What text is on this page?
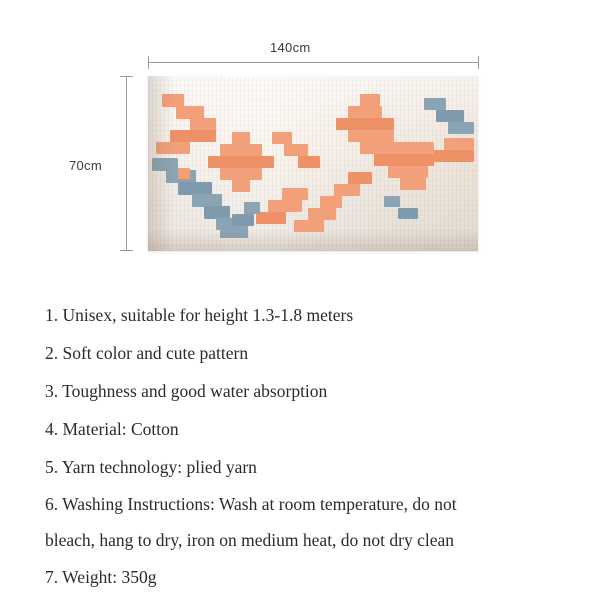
140cm
70cm
1. Unisex, suitable for height 1.3-1.8 meters
2. Soft color and cute pattern
3. Toughness and good water absorption
4. Material: Cotton
5. Yarn technology: plied yarn
6. Washing Instructions: Wash at room temperature, do not
bleach, hang to dry, iron on medium heat, do not dry clean
7. Weight: 350g
